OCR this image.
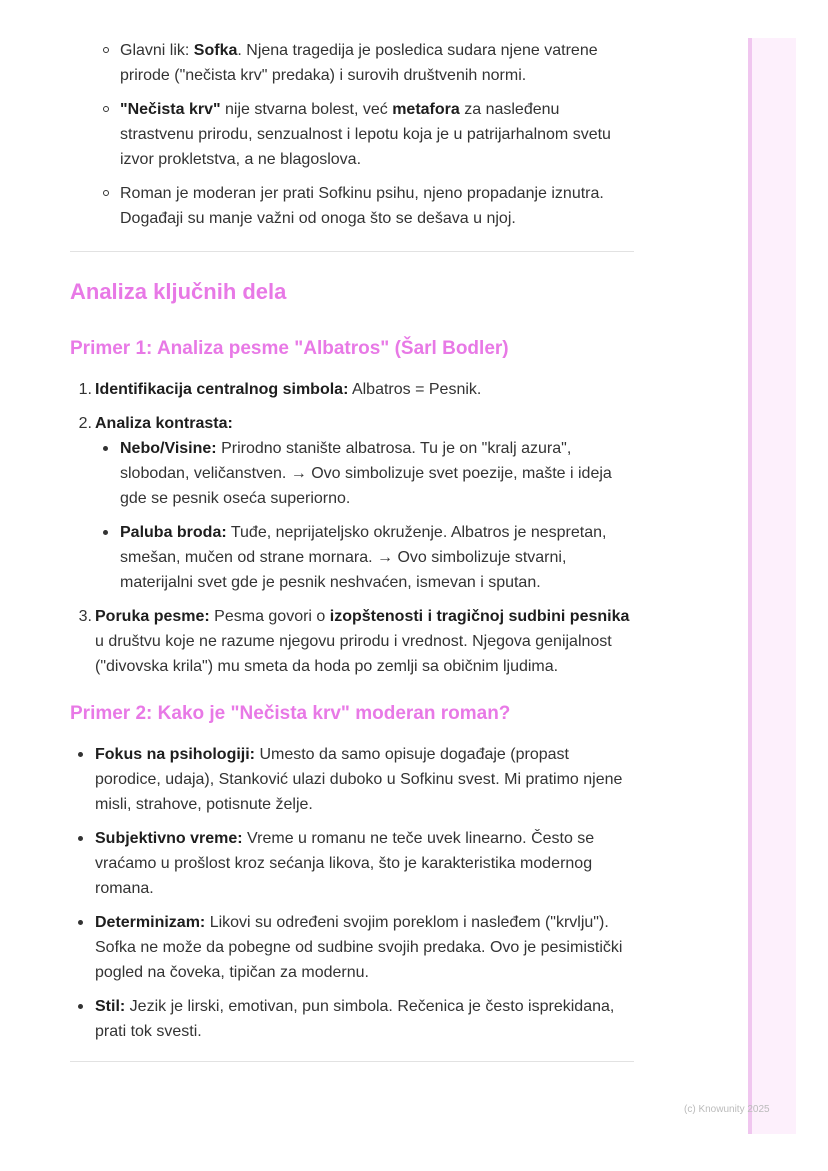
Glavni lik: Sofka. Njena tragedija je posledica sudara njene vatrene prirode ("nečista krv" predaka) i surovih društvenih normi.
"Nečista krv" nije stvarna bolest, već metafora za nasleđenu strastvenu prirodu, senzualnost i lepotu koja je u patrijarhalnom svetu izvor prokletstva, a ne blagoslova.
Roman je moderan jer prati Sofkinu psihu, njeno propadanje iznutra. Događaji su manje važni od onoga što se dešava u njoj.
Analiza ključnih dela
Primer 1: Analiza pesme "Albatros" (Šarl Bodler)
1. Identifikacija centralnog simbola: Albatros = Pesnik.
2. Analiza kontrasta:
Nebo/Visine: Prirodno stanište albatrosa. Tu je on "kralj azura", slobodan, veličanstven. → Ovo simbolizuje svet poezije, mašte i ideja gde se pesnik oseća superiorno.
Paluba broda: Tuđe, neprijateljsko okruženje. Albatros je nespretan, smešan, mučen od strane mornara. → Ovo simbolizuje stvarni, materijalni svet gde je pesnik neshvaćen, ismevan i sputan.
3. Poruka pesme: Pesma govori o izopštenosti i tragičnoj sudbini pesnika u društvu koje ne razume njegovu prirodu i vrednost. Njegova genijalnost ("divovska krila") mu smeta da hoda po zemlji sa običnim ljudima.
Primer 2: Kako je "Nečista krv" moderan roman?
Fokus na psihologiji: Umesto da samo opisuje događaje (propast porodice, udaja), Stanković ulazi duboko u Sofkinu svest. Mi pratimo njene misli, strahove, potisnute želje.
Subjektivno vreme: Vreme u romanu ne teče uvek linearno. Često se vraćamo u prošlost kroz sećanja likova, što je karakteristika modernog romana.
Determinizam: Likovi su određeni svojim poreklom i nasleđem ("krvlju"). Sofka ne može da pobegne od sudbine svojih predaka. Ovo je pesimistički pogled na čoveka, tipičan za modernu.
Stil: Jezik je lirski, emotivan, pun simbola. Rečenica je često isprekidana, prati tok svesti.
(c) Knowunity 2025
